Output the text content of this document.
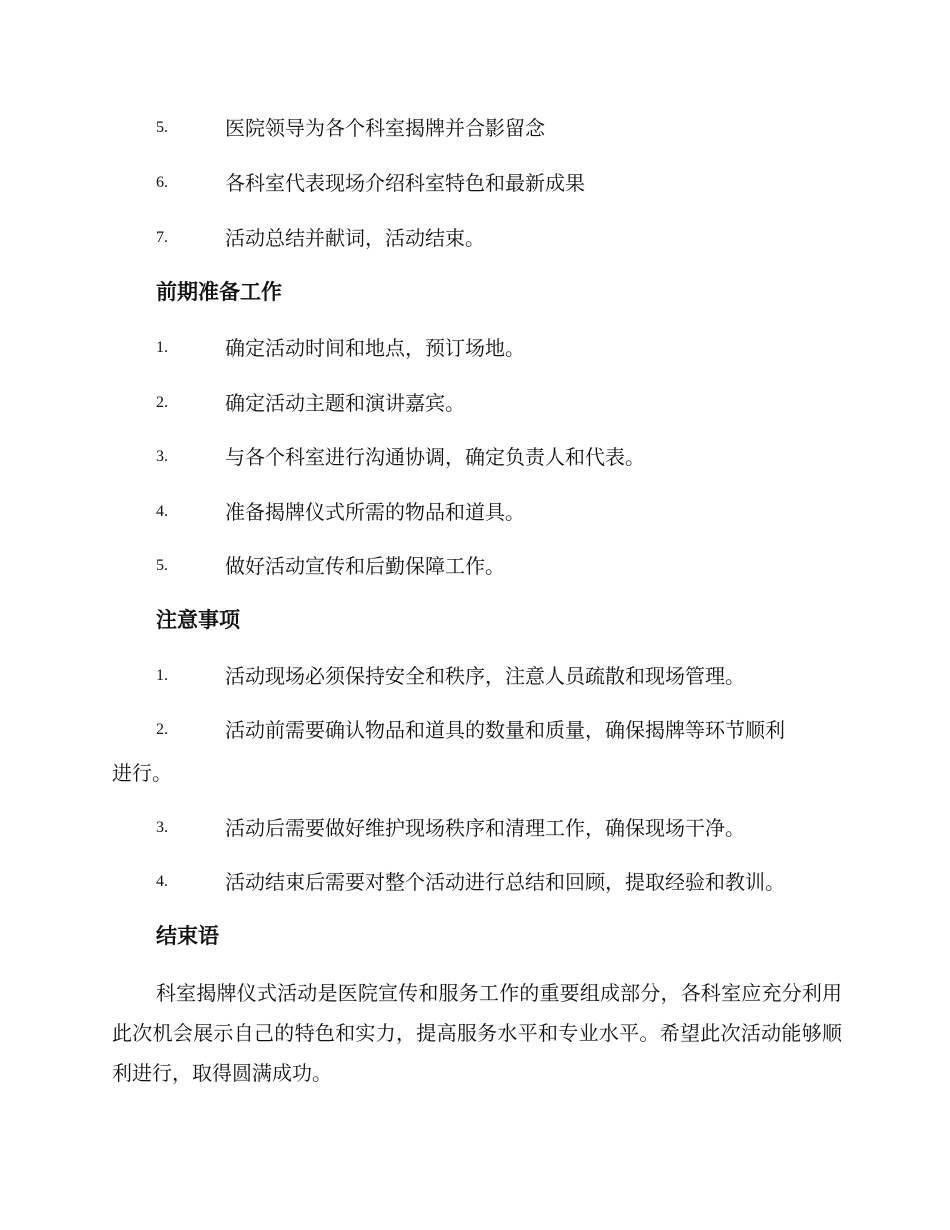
5.	医院领导为各个科室揭牌并合影留念
6.	各科室代表现场介绍科室特色和最新成果
7.	活动总结并献词，活动结束。
前期准备工作
1.	确定活动时间和地点，预订场地。
2.	确定活动主题和演讲嘉宾。
3.	与各个科室进行沟通协调，确定负责人和代表。
4.	准备揭牌仪式所需的物品和道具。
5.	做好活动宣传和后勤保障工作。
注意事项
1.	活动现场必须保持安全和秩序，注意人员疏散和现场管理。
2.	活动前需要确认物品和道具的数量和质量，确保揭牌等环节顺利
进行。
3.	活动后需要做好维护现场秩序和清理工作，确保现场干净。
4.	活动结束后需要对整个活动进行总结和回顾，提取经验和教训。
结束语
科室揭牌仪式活动是医院宣传和服务工作的重要组成部分，各科室应充分利用此次机会展示自己的特色和实力，提高服务水平和专业水平。希望此次活动能够顺利进行，取得圆满成功。
